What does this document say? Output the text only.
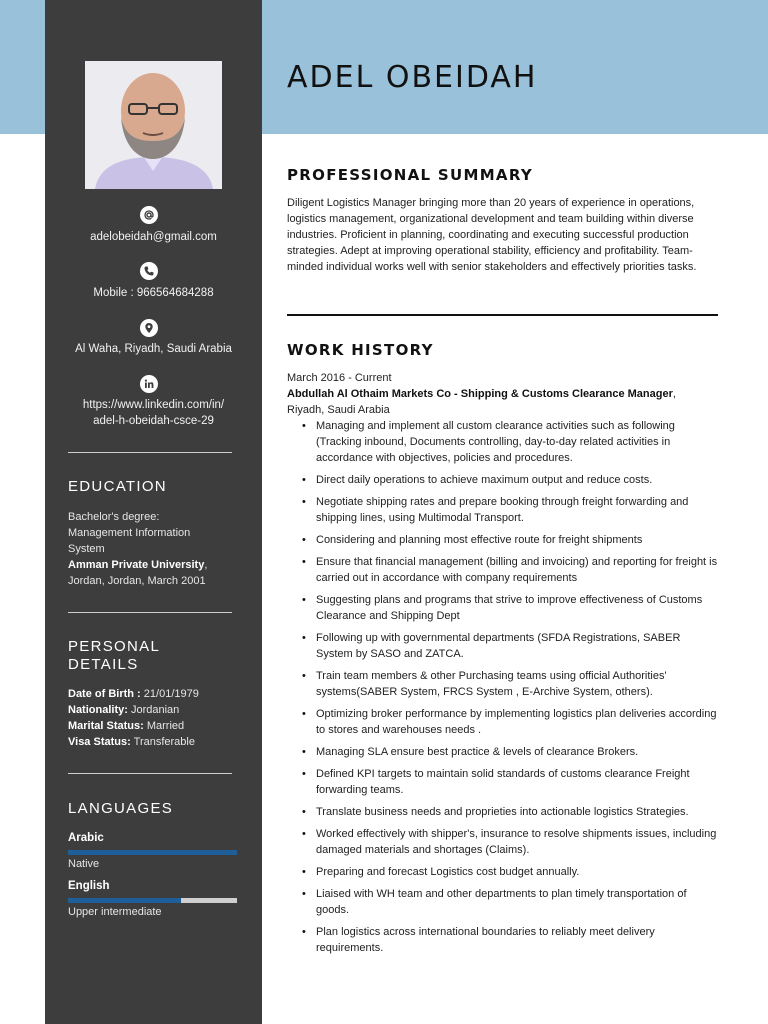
adelobeidah@gmail.com
Mobile : 966564684288
Al Waha, Riyadh, Saudi Arabia
https://www.linkedin.com/in/
adel-h-obeidah-csce-29
EDUCATION
Bachelor's degree:
Management Information
System
Amman Private University,
Jordan, Jordan, March 2001
PERSONAL
DETAILS
Date of Birth : 21/01/1979
Nationality: Jordanian
Marital Status: Married
Visa Status: Transferable
LANGUAGES
Arabic
Native
English
Upper intermediate
ADEL OBEIDAH
PROFESSIONAL SUMMARY

Diligent Logistics Manager bringing more than 20 years of experience in operations, logistics management, organizational development and team building within diverse industries. Proficient in planning, coordinating and executing successful production strategies. Adept at improving operational stability, efficiency and profitability. Team-minded individual works well with senior stakeholders and effectively priorities tasks.

WORK HISTORY
March 2016 - Current
Abdullah Al Othaim Markets Co - Shipping & Customs Clearance Manager,
Riyadh, Saudi Arabia
• Managing and implement all custom clearance activities such as following (Tracking inbound, Documents controlling, day-to-day related activities in accordance with objectives, policies and procedures.
• Direct daily operations to achieve maximum output and reduce costs.
• Negotiate shipping rates and prepare booking through freight forwarding and shipping lines, using Multimodal Transport.
• Considering and planning most effective route for freight shipments
• Ensure that financial management (billing and invoicing) and reporting for freight is carried out in accordance with company requirements
• Suggesting plans and programs that strive to improve effectiveness of Customs Clearance and Shipping Dept
• Following up with governmental departments (SFDA Registrations, SABER System by SASO and ZATCA.
• Train team members & other Purchasing teams using official Authorities' systems(SABER System, FRCS System , E-Archive System, others).
• Optimizing broker performance by implementing logistics plan deliveries according to stores and warehouses needs .
• Managing SLA ensure best practice & levels of clearance Brokers.
• Defined KPI targets to maintain solid standards of customs clearance Freight forwarding teams.
• Translate business needs and proprieties into actionable logistics Strategies.
• Worked effectively with shipper's, insurance to resolve shipments issues, including damaged materials and shortages (Claims).
• Preparing and forecast Logistics cost budget annually.
• Liaised with WH team and other departments to plan timely transportation of goods.
• Plan logistics across international boundaries to reliably meet delivery requirements.
